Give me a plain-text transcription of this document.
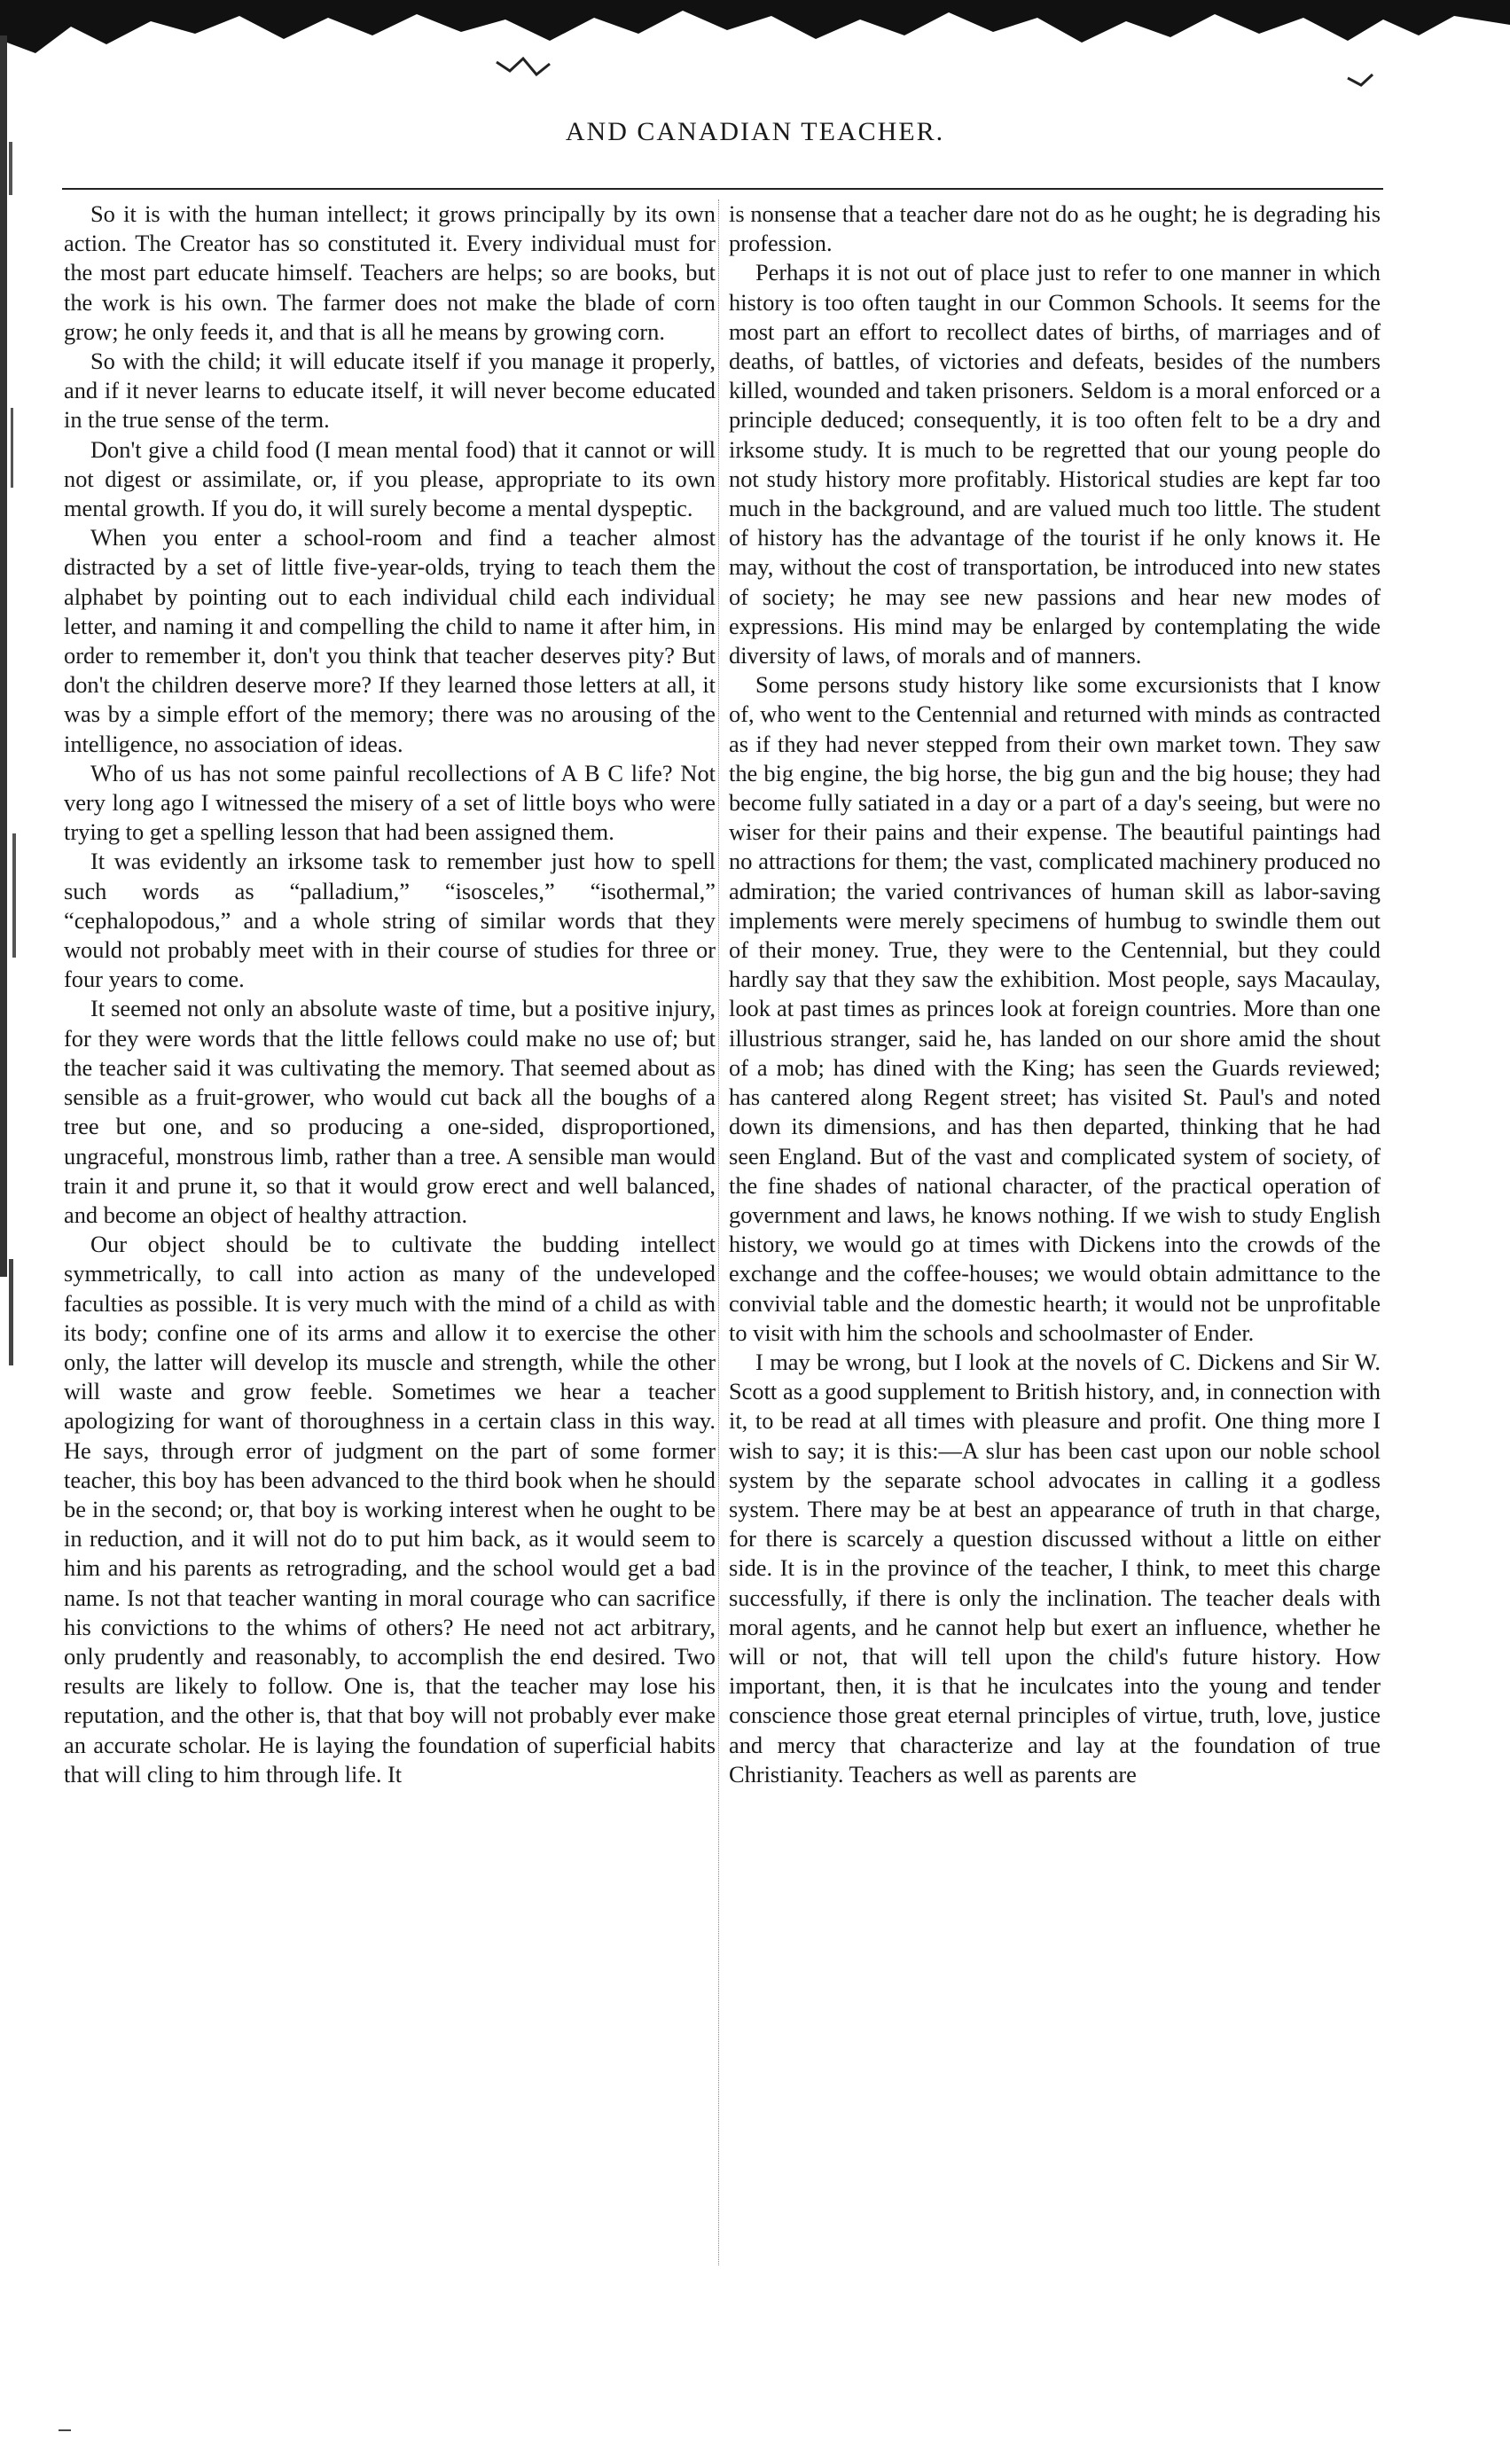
AND CANADIAN TEACHER.

So it is with the human intellect; it grows principally by its own action. The Creator has so constituted it. Every individual must for the most part educate himself. Teachers are helps; so are books, but the work is his own. The farmer does not make the blade of corn grow; he only feeds it, and that is all he means by growing corn.

So with the child; it will educate itself if you manage it properly, and if it never learns to educate itself, it will never become educated in the true sense of the term.

Don't give a child food (I mean mental food) that it cannot or will not digest or assimilate, or, if you please, appropriate to its own mental growth. If you do, it will surely become a mental dyspeptic.

When you enter a school-room and find a teacher almost distracted by a set of little five-year-olds, trying to teach them the alphabet by pointing out to each individual child each individual letter, and naming it and compelling the child to name it after him, in order to remember it, don't you think that teacher deserves pity? But don't the children deserve more? If they learned those letters at all, it was by a simple effort of the memory; there was no arousing of the intelligence, no association of ideas.

Who of us has not some painful recollections of A B C life? Not very long ago I witnessed the misery of a set of little boys who were trying to get a spelling lesson that had been assigned them.

It was evidently an irksome task to remember just how to spell such words as “palladium,” “isosceles,” “isothermal,” “cephalopodous,” and a whole string of similar words that they would not probably meet with in their course of studies for three or four years to come.

It seemed not only an absolute waste of time, but a positive injury, for they were words that the little fellows could make no use of; but the teacher said it was cultivating the memory. That seemed about as sensible as a fruit-grower, who would cut back all the boughs of a tree but one, and so producing a one-sided, disproportioned, ungraceful, monstrous limb, rather than a tree. A sensible man would train it and prune it, so that it would grow erect and well balanced, and become an object of healthy attraction.

Our object should be to cultivate the budding intellect symmetrically, to call into action as many of the undeveloped faculties as possible. It is very much with the mind of a child as with its body; confine one of its arms and allow it to exercise the other only, the latter will develop its muscle and strength, while the other will waste and grow feeble. Sometimes we hear a teacher apologizing for want of thoroughness in a certain class in this way. He says, through error of judgment on the part of some former teacher, this boy has been advanced to the third book when he should be in the second; or, that boy is working interest when he ought to be in reduction, and it will not do to put him back, as it would seem to him and his parents as retrograding, and the school would get a bad name. Is not that teacher wanting in moral courage who can sacrifice his convictions to the whims of others? He need not act arbitrary, only prudently and reasonably, to accomplish the end desired. Two results are likely to follow. One is, that the teacher may lose his reputation, and the other is, that that boy will not probably ever make an accurate scholar. He is laying the foundation of superficial habits that will cling to him through life. It

is nonsense that a teacher dare not do as he ought; he is degrading his profession.

Perhaps it is not out of place just to refer to one manner in which history is too often taught in our Common Schools. It seems for the most part an effort to recollect dates of births, of marriages and of deaths, of battles, of victories and defeats, besides of the numbers killed, wounded and taken prisoners. Seldom is a moral enforced or a principle deduced; consequently, it is too often felt to be a dry and irksome study. It is much to be regretted that our young people do not study history more profitably. Historical studies are kept far too much in the background, and are valued much too little. The student of history has the advantage of the tourist if he only knows it. He may, without the cost of transportation, be introduced into new states of society; he may see new passions and hear new modes of expressions. His mind may be enlarged by contemplating the wide diversity of laws, of morals and of manners.

Some persons study history like some excursionists that I know of, who went to the Centennial and returned with minds as contracted as if they had never stepped from their own market town. They saw the big engine, the big horse, the big gun and the big house; they had become fully satiated in a day or a part of a day's seeing, but were no wiser for their pains and their expense. The beautiful paintings had no attractions for them; the vast, complicated machinery produced no admiration; the varied contrivances of human skill as labor-saving implements were merely specimens of humbug to swindle them out of their money. True, they were to the Centennial, but they could hardly say that they saw the exhibition. Most people, says Macaulay, look at past times as princes look at foreign countries. More than one illustrious stranger, said he, has landed on our shore amid the shout of a mob; has dined with the King; has seen the Guards reviewed; has cantered along Regent street; has visited St. Paul's and noted down its dimensions, and has then departed, thinking that he had seen England. But of the vast and complicated system of society, of the fine shades of national character, of the practical operation of government and laws, he knows nothing. If we wish to study English history, we would go at times with Dickens into the crowds of the exchange and the coffee-houses; we would obtain admittance to the convivial table and the domestic hearth; it would not be unprofitable to visit with him the schools and schoolmaster of Ender.

I may be wrong, but I look at the novels of C. Dickens and Sir W. Scott as a good supplement to British history, and, in connection with it, to be read at all times with pleasure and profit. One thing more I wish to say; it is this:—A slur has been cast upon our noble school system by the separate school advocates in calling it a godless system. There may be at best an appearance of truth in that charge, for there is scarcely a question discussed without a little on either side. It is in the province of the teacher, I think, to meet this charge successfully, if there is only the inclination. The teacher deals with moral agents, and he cannot help but exert an influence, whether he will or not, that will tell upon the child's future history. How important, then, it is that he inculcates into the young and tender conscience those great eternal principles of virtue, truth, love, justice and mercy that characterize and lay at the foundation of true Christianity. Teachers as well as parents are
